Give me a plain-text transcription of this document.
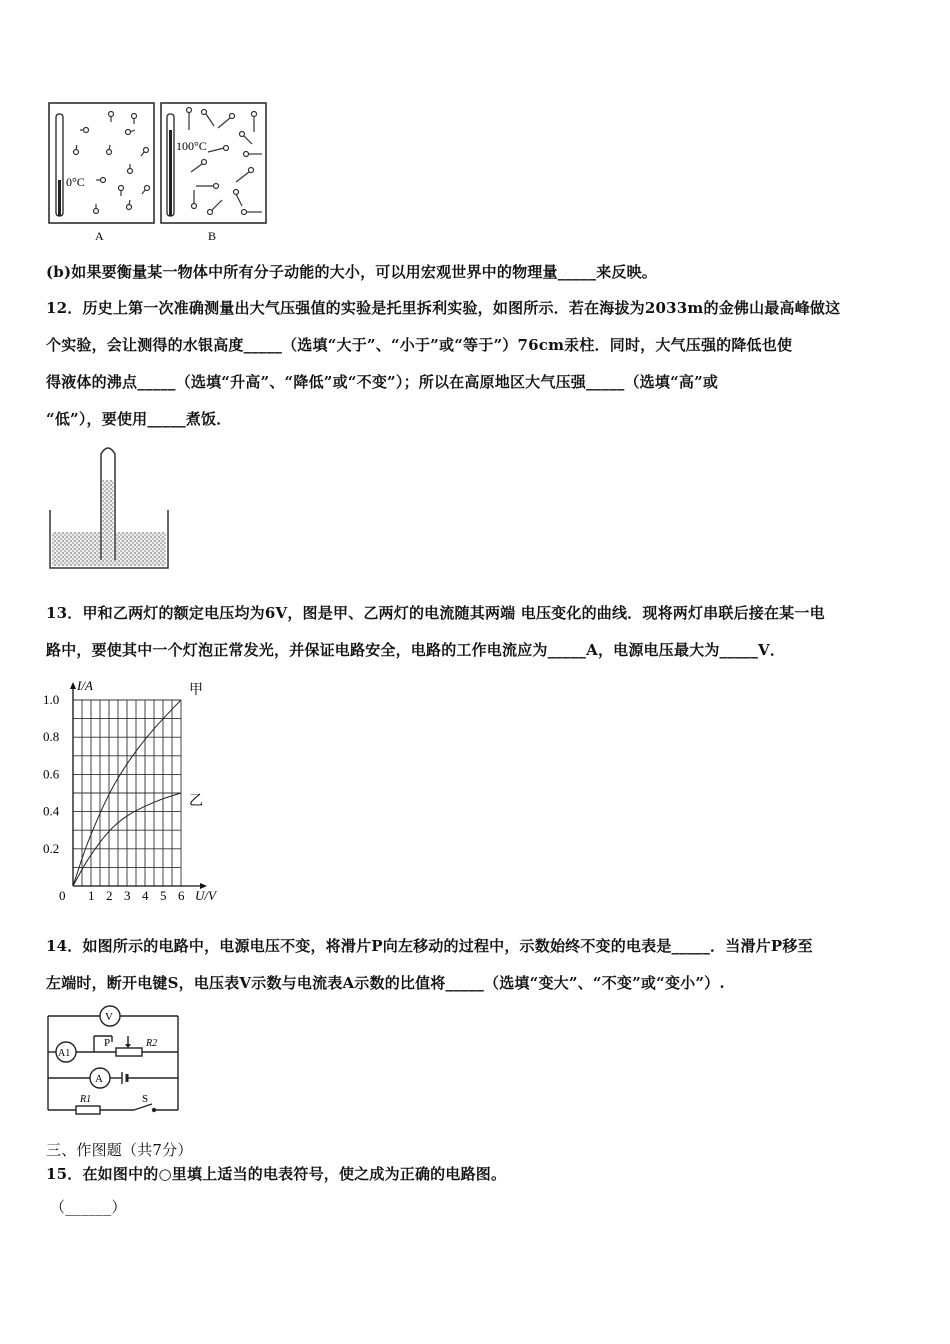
0°C
A
100°C
B
(b)如果要衡量某一物体中所有分子动能的大小，可以用宏观世界中的物理量_____来反映。
12．历史上第一次准确测量出大气压强值的实验是托里拆利实验，如图所示．若在海拔为2033m的金佛山最高峰做这
个实验，会让测得的水银高度_____（选填“大于”、“小于”或“等于”）76cm汞柱．同时，大气压强的降低也使
得液体的沸点_____（选填“升高”、“降低”或“不变”）；所以在高原地区大气压强_____（选填“高”或
“低”），要使用_____煮饭．
13．甲和乙两灯的额定电压均为6V，图是甲、乙两灯的电流随其两端 电压变化的曲线．现将两灯串联后接在某一电
路中，要使其中一个灯泡正常发光，并保证电路安全，电路的工作电流应为_____A，电源电压最大为_____V．
1 2 3 4 5 6
0.2
0.4
0.6
0.8
1.0
0	U/V
I/A	甲
乙
14．如图所示的电路中，电源电压不变，将滑片P向左移动的过程中，示数始终不变的电表是_____．当滑片P移至
左端时，断开电键S，电压表V示数与电流表A示数的比值将_____（选填“变大”、“不变”或“变小”）.
V
A1
A
P	R2
R1	S
三、作图题（共7分）
15．在如图中的○里填上适当的电表符号，使之成为正确的电路图。
（______）
